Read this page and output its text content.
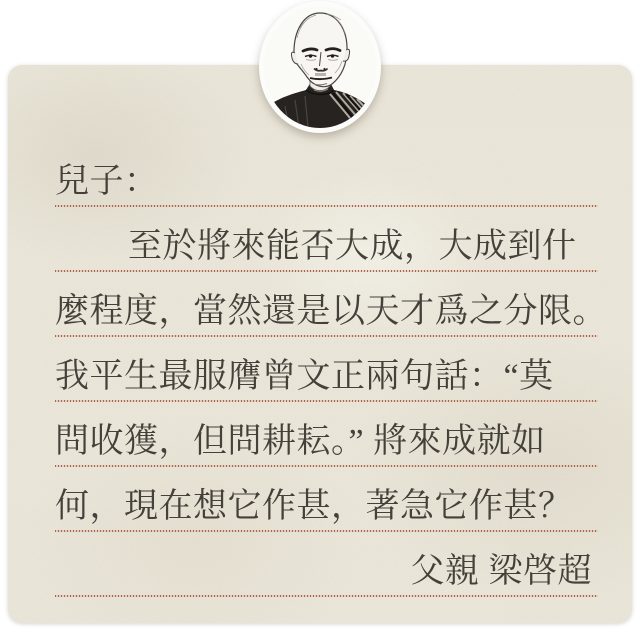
兒子：
至於將來能否大成，大成到什
麼程度，當然還是以天才爲之分限。
我平生最服膺曾文正兩句話：“莫
問收獲，但問耕耘。” 將來成就如
何，現在想它作甚，著急它作甚？
父親 梁啓超
